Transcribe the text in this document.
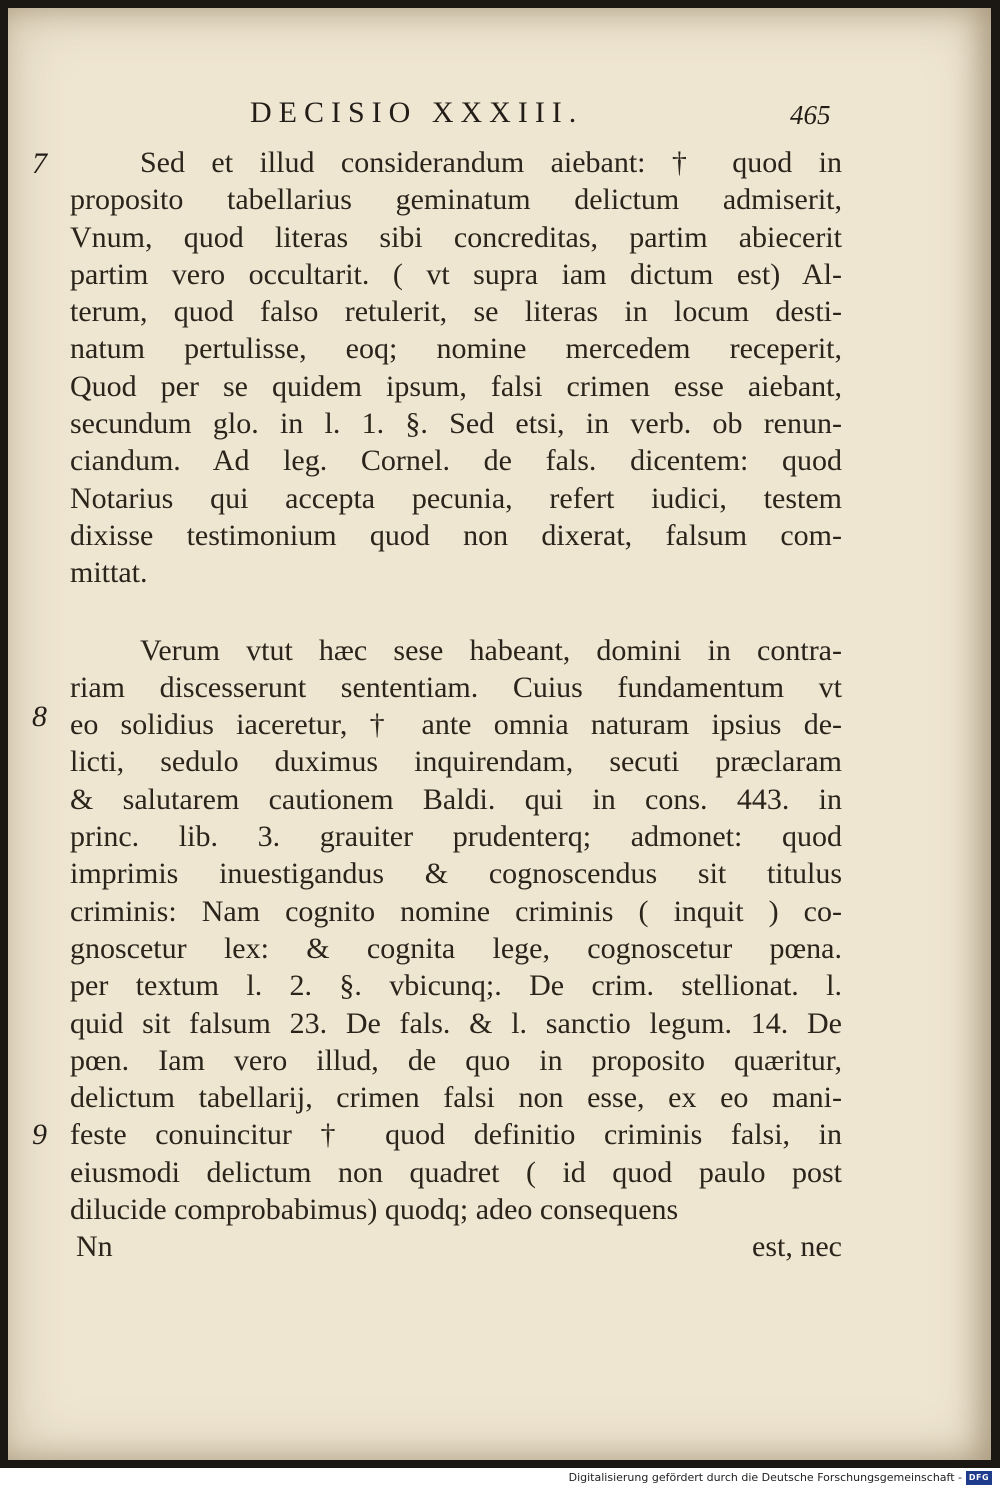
DECISIO XXXIII.	465
7
8
9
Sed et illud considerandum aiebant: † quod in
proposito tabellarius geminatum delictum admiserit,
Vnum, quod literas sibi concreditas, partim abiecerit
partim vero occultarit. ( vt supra iam dictum est) Al-
terum, quod falso retulerit, se literas in locum desti-
natum pertulisse, eoq; nomine mercedem receperit,
Quod per se quidem ipsum, falsi crimen esse aiebant,
secundum glo. in l. 1. §. Sed etsi, in verb. ob renun-
ciandum. Ad leg. Cornel. de fals. dicentem: quod
Notarius qui accepta pecunia, refert iudici, testem
dixisse testimonium quod non dixerat, falsum com-
mittat.
Verum vtut hæc sese habeant, domini in contra-
riam discesserunt sententiam. Cuius fundamentum vt
eo solidius iaceretur, † ante omnia naturam ipsius de-
licti, sedulo duximus inquirendam, secuti præclaram
& salutarem cautionem Baldi. qui in cons. 443. in
princ. lib. 3. grauiter prudenterq; admonet: quod
imprimis inuestigandus & cognoscendus sit titulus
criminis: Nam cognito nomine criminis ( inquit ) co-
gnoscetur lex: & cognita lege, cognoscetur pœna.
per textum l. 2. §. vbicunq;. De crim. stellionat. l.
quid sit falsum 23. De fals. & l. sanctio legum. 14. De
pœn. Iam vero illud, de quo in proposito quæritur,
delictum tabellarij, crimen falsi non esse, ex eo mani-
feste conuincitur † quod definitio criminis falsi, in
eiusmodi delictum non quadret ( id quod paulo post
dilucide comprobabimus) quodq; adeo consequens
Nn	est, nec
Digitalisierung gefördert durch die Deutsche Forschungsgemeinschaft - DFG
